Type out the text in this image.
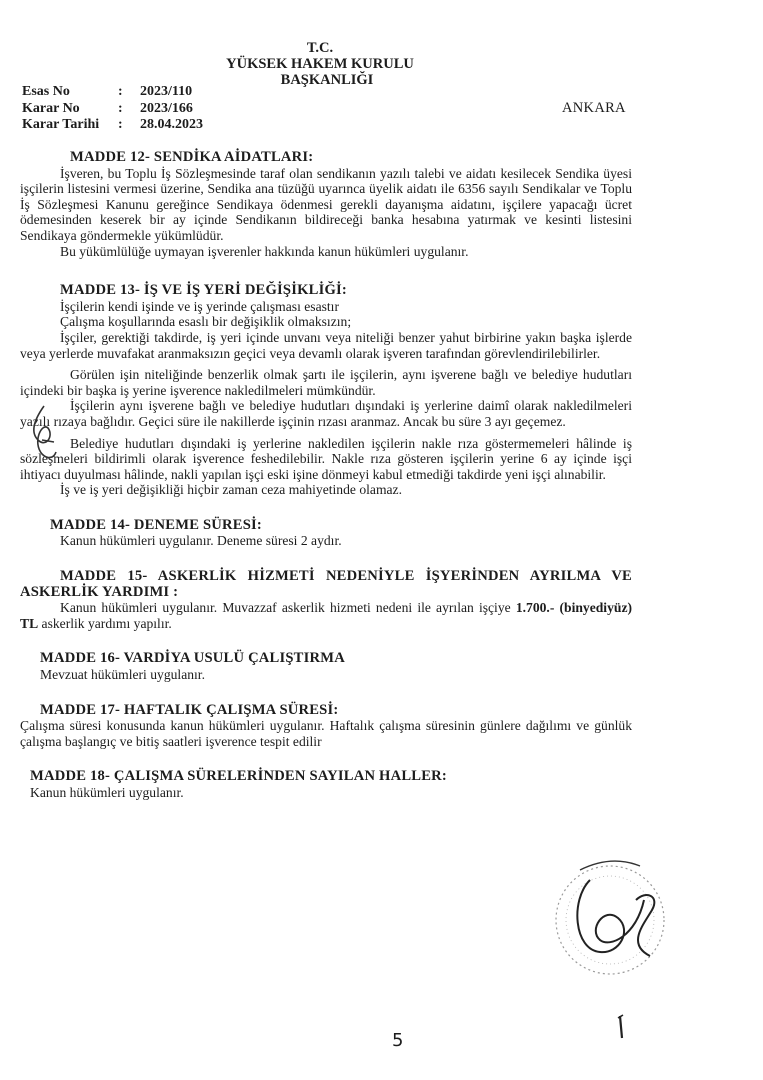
T.C.
YÜKSEK HAKEM KURULU
BAŞKANLIĞI
Esas No	:	2023/110
Karar No	:	2023/166
Karar Tarihi	:	28.04.2023
ANKARA

MADDE 12- SENDİKA AİDATLARI:

İşveren, bu Toplu İş Sözleşmesinde taraf olan sendikanın yazılı talebi ve aidatı kesilecek Sendika üyesi işçilerin listesini vermesi üzerine, Sendika ana tüzüğü uyarınca üyelik aidatı ile 6356 sayılı Sendikalar ve Toplu İş Sözleşmesi Kanunu gereğince Sendikaya ödenmesi gerekli dayanışma aidatını, işçilere yapacağı ücret ödemesinden keserek bir ay içinde Sendikanın bildireceği banka hesabına yatırmak ve kesinti listesini Sendikaya göndermekle yükümlüdür.

Bu yükümlülüğe uymayan işverenler hakkında kanun hükümleri uygulanır.

MADDE 13- İŞ VE İŞ YERİ DEĞİŞİKLİĞİ:

İşçilerin kendi işinde ve iş yerinde çalışması esastır

Çalışma koşullarında esaslı bir değişiklik olmaksızın;

İşçiler, gerektiği takdirde, iş yeri içinde unvanı veya niteliği benzer yahut birbirine yakın başka işlerde veya yerlerde muvafakat aranmaksızın geçici veya devamlı olarak işveren tarafından görevlendirilebilirler.

Görülen işin niteliğinde benzerlik olmak şartı ile işçilerin, aynı işverene bağlı ve belediye hudutları içindeki bir başka iş yerine işverence nakledilmeleri mümkündür.

İşçilerin aynı işverene bağlı ve belediye hudutları dışındaki iş yerlerine daimî olarak nakledilmeleri yazılı rızaya bağlıdır. Geçici süre ile nakillerde işçinin rızası aranmaz. Ancak bu süre 3 ayı geçemez.

Belediye hudutları dışındaki iş yerlerine nakledilen işçilerin nakle rıza göstermemeleri hâlinde iş sözleşmeleri bildirimli olarak işverence feshedilebilir. Nakle rıza gösteren işçilerin yerine 6 ay içinde işçi ihtiyacı duyulması hâlinde, nakli yapılan işçi eski işine dönmeyi kabul etmediği takdirde yeni işçi alınabilir.

İş ve iş yeri değişikliği hiçbir zaman ceza mahiyetinde olamaz.

MADDE 14- DENEME SÜRESİ:

Kanun hükümleri uygulanır. Deneme süresi 2 aydır.

MADDE 15- ASKERLİK HİZMETİ NEDENİYLE İŞYERİNDEN AYRILMA VE ASKERLİK YARDIMI :

Kanun hükümleri uygulanır. Muvazzaf askerlik hizmeti nedeni ile ayrılan işçiye 1.700.- (binyediyüz) TL askerlik yardımı yapılır.

MADDE 16- VARDİYA USULÜ ÇALIŞTIRMA

Mevzuat hükümleri uygulanır.

MADDE 17- HAFTALIK ÇALIŞMA SÜRESİ:

Çalışma süresi konusunda kanun hükümleri uygulanır. Haftalık çalışma süresinin günlere dağılımı ve günlük çalışma başlangıç ve bitiş saatleri işverence tespit edilir

MADDE 18- ÇALIŞMA SÜRELERİNDEN SAYILAN HALLER:

Kanun hükümleri uygulanır.

5
